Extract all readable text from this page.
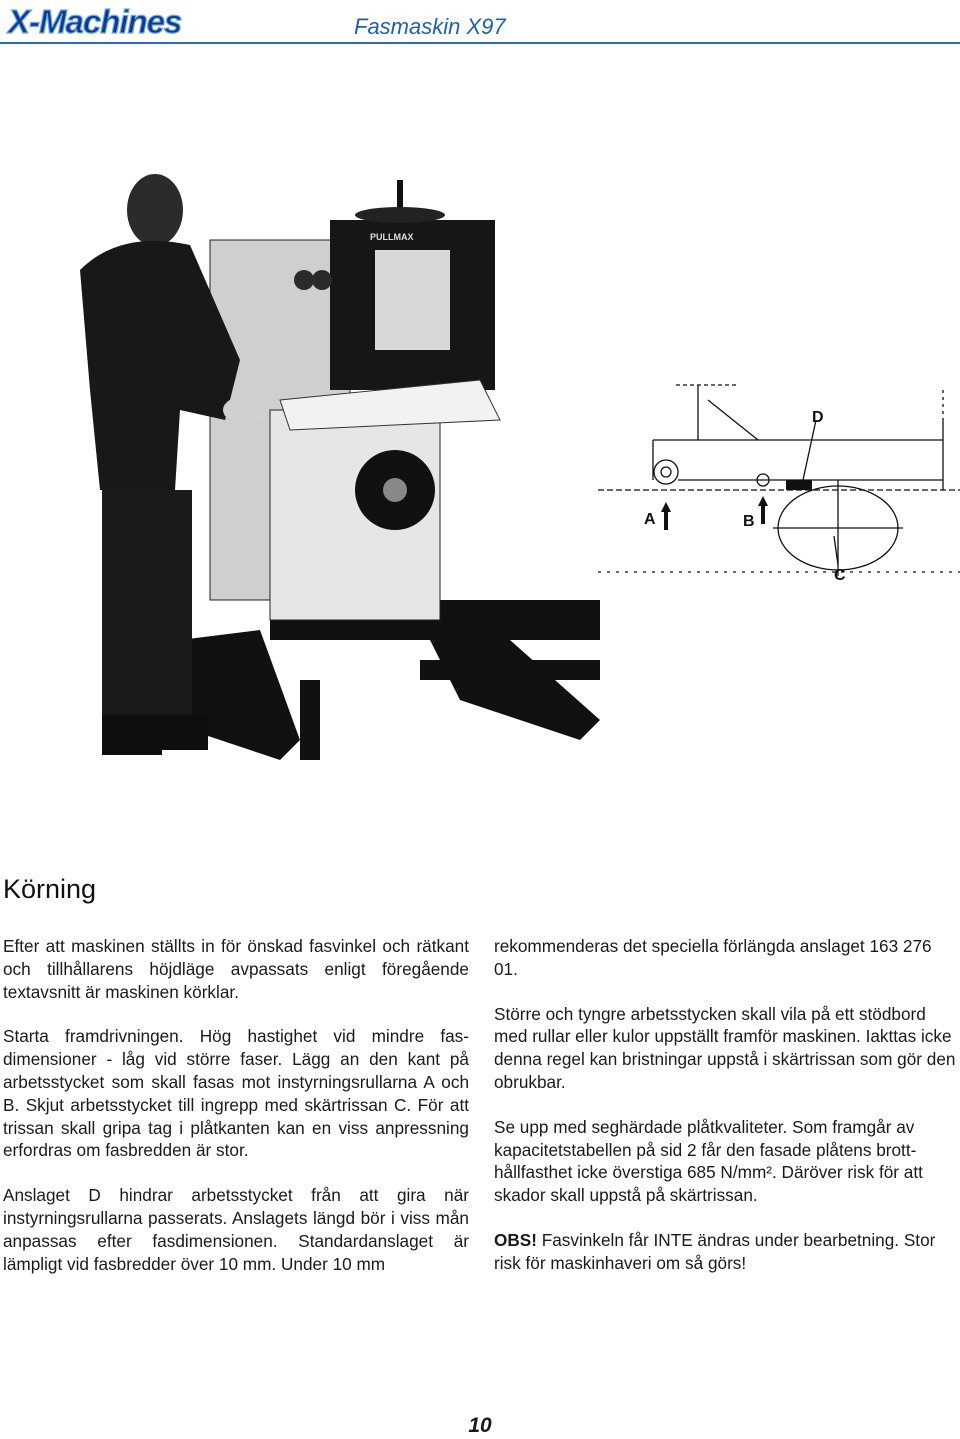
X-Machines	Fasmaskin X97
PULLMAX
A	B
C
D
Körning

Efter att maskinen ställts in för önskad fasvinkel och rätkant och tillhållarens höjdläge avpassats enligt föregående textavsnitt är maskinen körklar.

Starta framdrivningen. Hög hastighet vid mindre fasdimensioner - låg vid större faser. Lägg an den kant på arbetsstycket som skall fasas mot instyrningsrullarna A och B. Skjut arbetsstycket till ingrepp med skärtrissan C. För att trissan skall gripa tag i plåtkanten kan en viss anpressning erfordras om fasbredden är stor.

Anslaget D hindrar arbetsstycket från att gira när instyrningsrullarna passerats. Anslagets längd bör i viss mån anpassas efter fasdimensionen. Standardanslaget är lämpligt vid fasbredder över 10 mm. Under 10 mm

rekommenderas det speciella förlängda anslaget 163 276 01.

Större och tyngre arbetsstycken skall vila på ett stödbord med rullar eller kulor uppställt framför maskinen. Iakttas icke denna regel kan bristningar uppstå i skärtrissan som gör den obrukbar.

Se upp med seghärdade plåtkvaliteter. Som framgår av kapacitetstabellen på sid 2 får den fasade plåtens brotthållfasthet icke överstiga 685 N/mm². Däröver risk för att skador skall uppstå på skärtrissan.

OBS! Fasvinkeln får INTE ändras under bearbetning. Stor risk för maskinhaveri om så görs!

10
